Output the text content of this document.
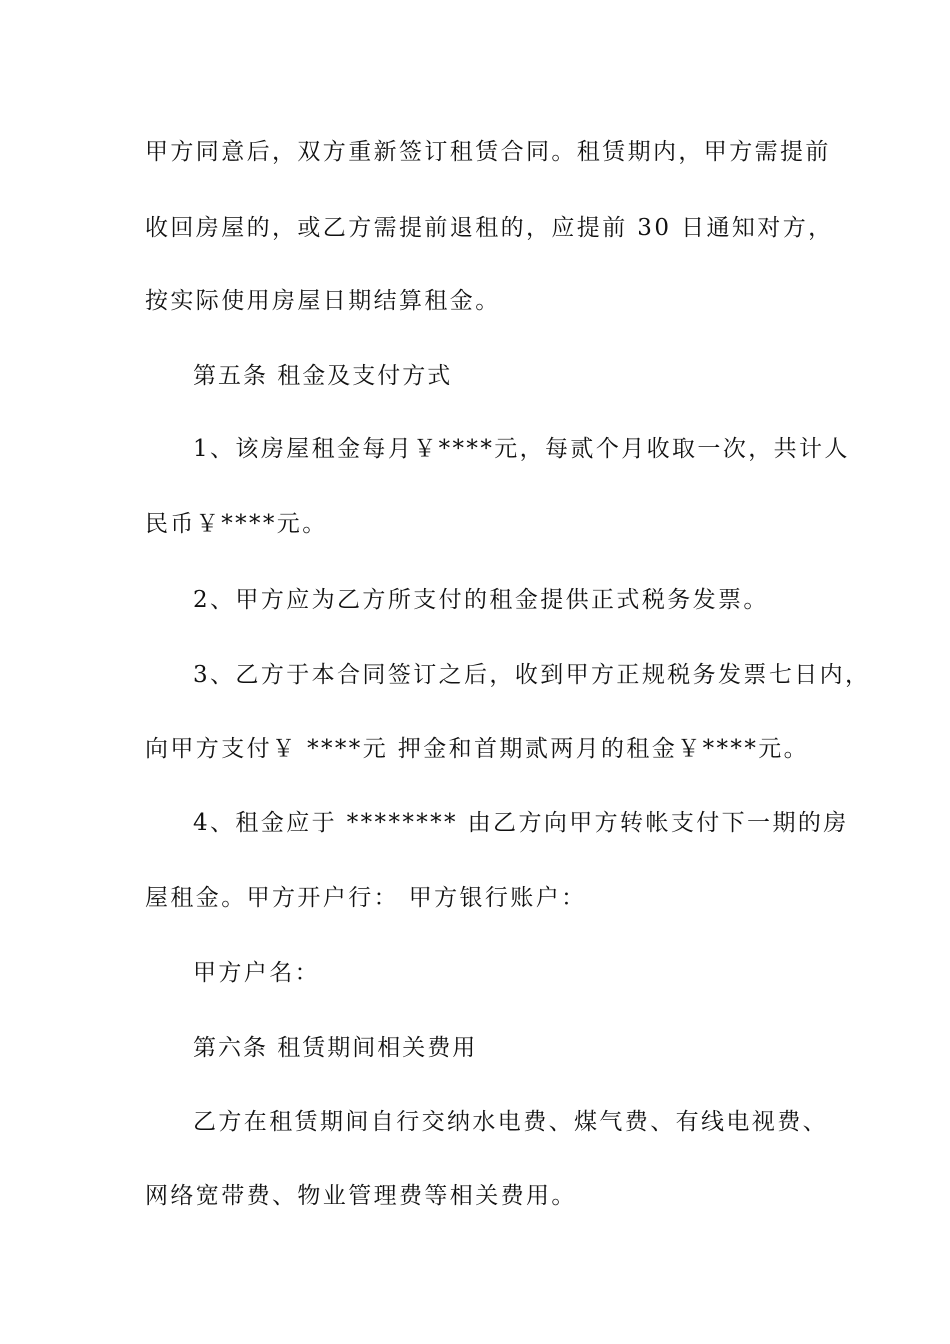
甲方同意后，双方重新签订租赁合同。租赁期内，甲方需提前
收回房屋的，或乙方需提前退租的，应提前 30 日通知对方，
按实际使用房屋日期结算租金。
第五条 租金及支付方式
1、该房屋租金每月￥****元，每贰个月收取一次，共计人
民币￥****元。
2、甲方应为乙方所支付的租金提供正式税务发票。
3、乙方于本合同签订之后，收到甲方正规税务发票七日内，
向甲方支付￥ ****元 押金和首期贰两月的租金￥****元。
4、租金应于 ******** 由乙方向甲方转帐支付下一期的房
屋租金。甲方开户行： 甲方银行账户：
甲方户名：
第六条 租赁期间相关费用
乙方在租赁期间自行交纳水电费、煤气费、有线电视费、
网络宽带费、物业管理费等相关费用。
